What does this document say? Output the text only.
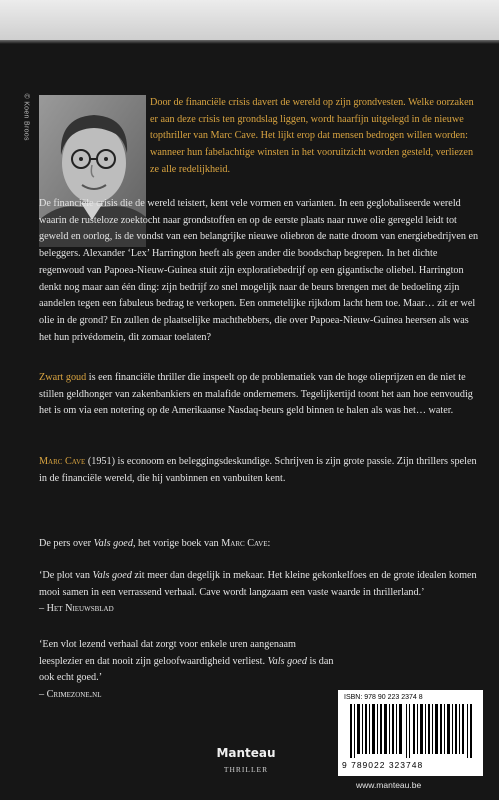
© Koen Broos	Door de financiële crisis davert de wereld op zijn grondvesten. Welke oorzaken er aan deze crisis ten grondslag liggen, wordt haarfijn uitgelegd in de nieuwe topthriller van Marc Cave. Het lijkt erop dat mensen bedrogen willen worden: wanneer hun fabelachtige winsten in het vooruitzicht worden gesteld, verliezen ze alle redelijkheid.

De financiële crisis die de wereld teistert, kent vele vormen en varianten. In een geglobaliseerde wereld waarin de rusteloze zoektocht naar grondstoffen en op de eerste plaats naar ruwe olie geregeld leidt tot geweld en oorlog, is de vondst van een belangrijke nieuwe oliebron de natte droom van energiebedrijven en beleggers. Alexander ‘Lex’ Harrington heeft als geen ander die boodschap begrepen. In het dichte regenwoud van Papoea-Nieuw-Guinea stuit zijn exploratiebedrijf op een gigantische oliebel. Harrington denkt nog maar aan één ding: zijn bedrijf zo snel mogelijk naar de beurs brengen met de bedoeling zijn aandelen tegen een fabuleus bedrag te verkopen. Een onmetelijke rijkdom lacht hem toe. Maar… zit er wel olie in de grond? En zullen de plaatselijke machthebbers, die over Papoea-Nieuw-Guinea heersen als was het hun privédomein, dit zomaar toelaten?

Zwart goud is een financiële thriller die inspeelt op de problematiek van de hoge olieprijzen en de niet te stillen geldhonger van zakenbankiers en malafide ondernemers. Tegelijkertijd toont het aan hoe eenvoudig het is om via een notering op de Amerikaanse Nasdaq-beurs geld binnen te halen als was het… water.

Marc Cave (1951) is econoom en beleggingsdeskundige. Schrijven is zijn grote passie. Zijn thrillers spelen in de financiële wereld, die hij vanbinnen en vanbuiten kent.

De pers over Vals goed, het vorige boek van Marc Cave:

‘De plot van Vals goed zit meer dan degelijk in mekaar. Het kleine gekonkelfoes en de grote idealen komen mooi samen in een verrassend verhaal. Cave wordt langzaam een vaste waarde in thrillerland.’
– Het Nieuwsblad

‘Een vlot lezend verhaal dat zorgt voor enkele uren aangenaam leesplezier en dat nooit zijn geloofwaardigheid verliest. Vals goed is dan ook echt goed.’
– Crimezone.nl	ISBN: 978 90 223 2374 8
9 789022 323748
Manteau
THRILLER
www.manteau.be
